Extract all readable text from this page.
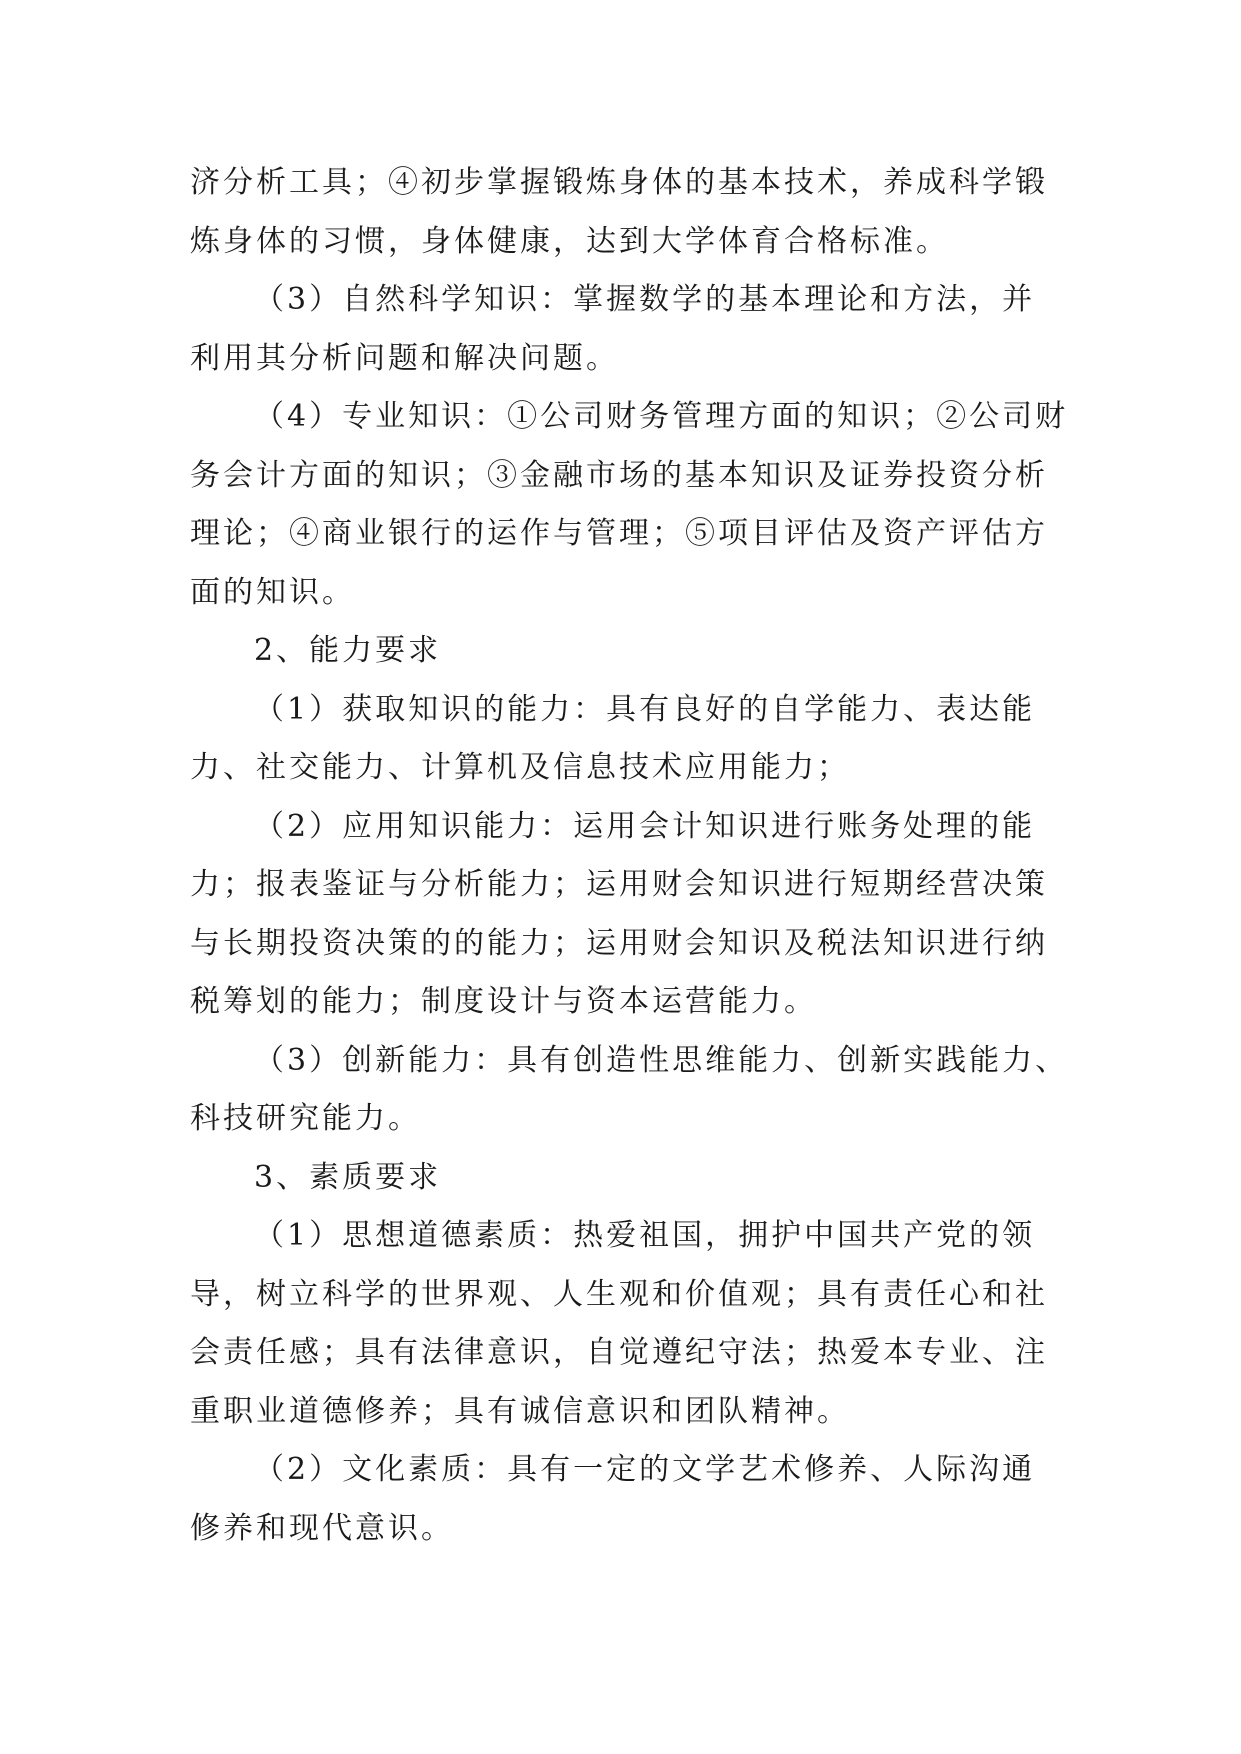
济分析工具；④初步掌握锻炼身体的基本技术，养成科学锻
炼身体的习惯，身体健康，达到大学体育合格标准。
（3）自然科学知识：掌握数学的基本理论和方法，并
利用其分析问题和解决问题。
（4）专业知识：①公司财务管理方面的知识；②公司财
务会计方面的知识；③金融市场的基本知识及证券投资分析
理论；④商业银行的运作与管理；⑤项目评估及资产评估方
面的知识。
2、能力要求
（1）获取知识的能力：具有良好的自学能力、表达能
力、社交能力、计算机及信息技术应用能力；
（2）应用知识能力：运用会计知识进行账务处理的能
力；报表鉴证与分析能力；运用财会知识进行短期经营决策
与长期投资决策的的能力；运用财会知识及税法知识进行纳
税筹划的能力；制度设计与资本运营能力。
（3）创新能力：具有创造性思维能力、创新实践能力、
科技研究能力。
3、素质要求
（1）思想道德素质：热爱祖国，拥护中国共产党的领
导，树立科学的世界观、人生观和价值观；具有责任心和社
会责任感；具有法律意识，自觉遵纪守法；热爱本专业、注
重职业道德修养；具有诚信意识和团队精神。
（2）文化素质：具有一定的文学艺术修养、人际沟通
修养和现代意识。
